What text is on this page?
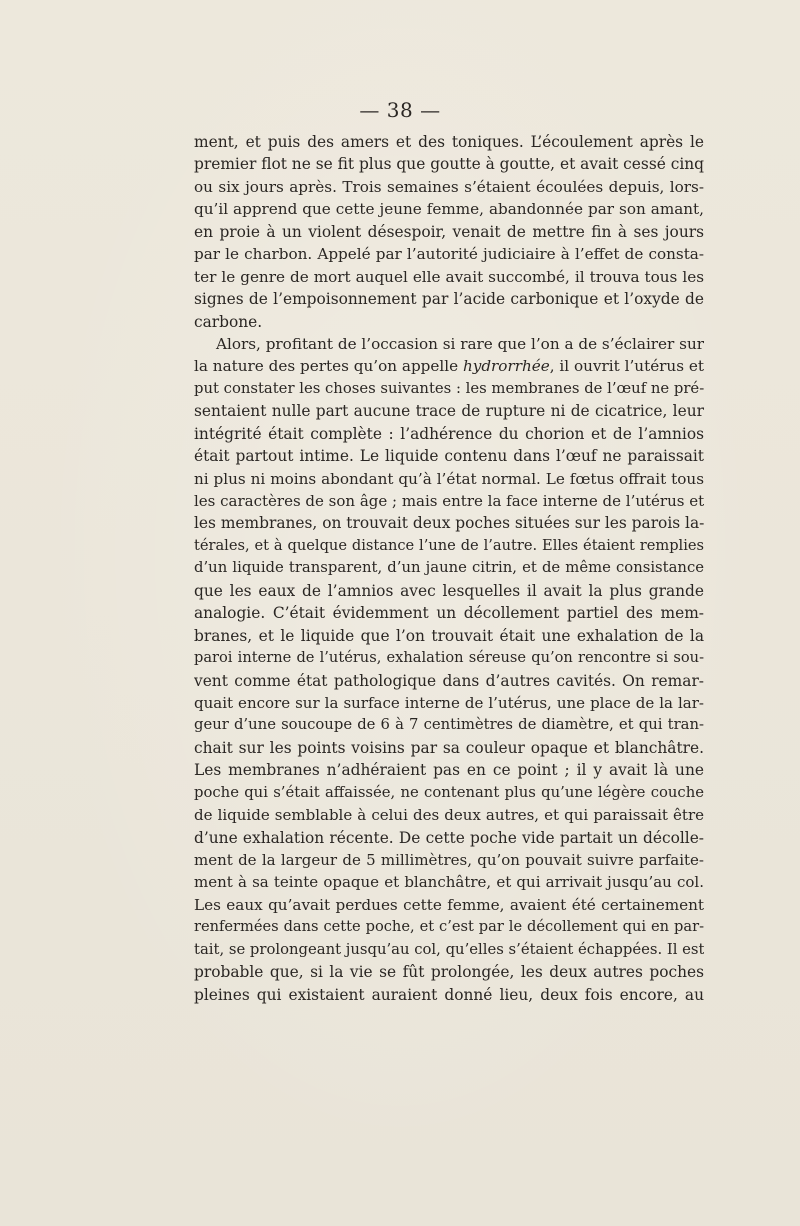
— 38 —
ment, et puis des amers et des toniques. L’écoulement après le
premier flot ne se fit plus que goutte à goutte, et avait cessé cinq
ou six jours après. Trois semaines s’étaient écoulées depuis, lors-
qu’il apprend que cette jeune femme, abandonnée par son amant,
en proie à un violent désespoir, venait de mettre fin à ses jours
par le charbon. Appelé par l’autorité judiciaire à l’effet de consta-
ter le genre de mort auquel elle avait succombé, il trouva tous les
signes de l’empoisonnement par l’acide carbonique et l’oxyde de
carbone.
Alors, profitant de l’occasion si rare que l’on a de s’éclairer sur
la nature des pertes qu’on appelle hydrorrhée, il ouvrit l’utérus et
put constater les choses suivantes : les membranes de l’œuf ne pré-
sentaient nulle part aucune trace de rupture ni de cicatrice, leur
intégrité était complète : l’adhérence du chorion et de l’amnios
était partout intime. Le liquide contenu dans l’œuf ne paraissait
ni plus ni moins abondant qu’à l’état normal. Le fœtus offrait tous
les caractères de son âge ; mais entre la face interne de l’utérus et
les membranes, on trouvait deux poches situées sur les parois la-
térales, et à quelque distance l’une de l’autre. Elles étaient remplies
d’un liquide transparent, d’un jaune citrin, et de même consistance
que les eaux de l’amnios avec lesquelles il avait la plus grande
analogie. C’était évidemment un décollement partiel des mem-
branes, et le liquide que l’on trouvait était une exhalation de la
paroi interne de l’utérus, exhalation séreuse qu’on rencontre si sou-
vent comme état pathologique dans d’autres cavités. On remar-
quait encore sur la surface interne de l’utérus, une place de la lar-
geur d’une soucoupe de 6 à 7 centimètres de diamètre, et qui tran-
chait sur les points voisins par sa couleur opaque et blanchâtre.
Les membranes n’adhéraient pas en ce point ; il y avait là une
poche qui s’était affaissée, ne contenant plus qu’une légère couche
de liquide semblable à celui des deux autres, et qui paraissait être
d’une exhalation récente. De cette poche vide partait un décolle-
ment de la largeur de 5 millimètres, qu’on pouvait suivre parfaite-
ment à sa teinte opaque et blanchâtre, et qui arrivait jusqu’au col.
Les eaux qu’avait perdues cette femme, avaient été certainement
renfermées dans cette poche, et c’est par le décollement qui en par-
tait, se prolongeant jusqu’au col, qu’elles s’étaient échappées. Il est
probable que, si la vie se fût prolongée, les deux autres poches
pleines qui existaient auraient donné lieu, deux fois encore, au
